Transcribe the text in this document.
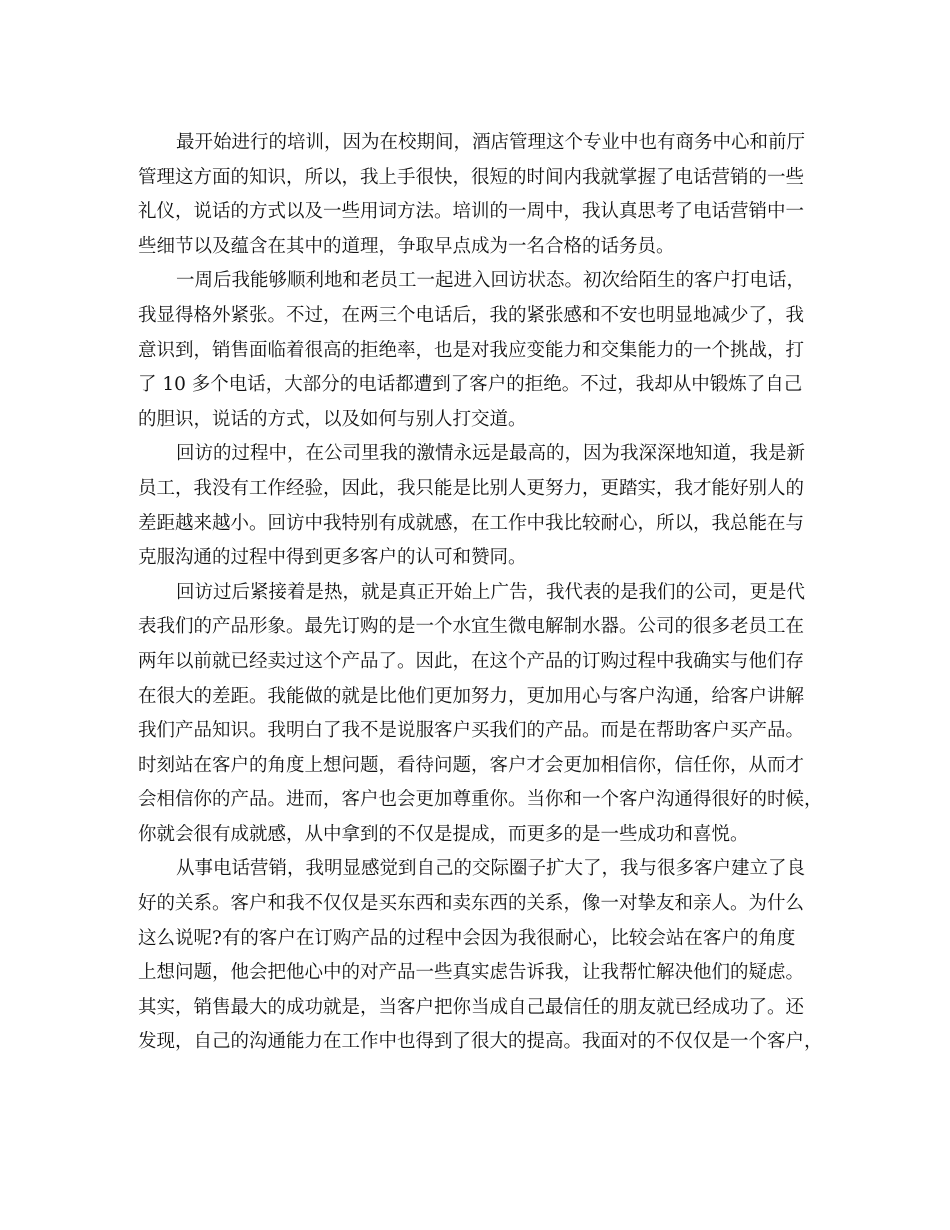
最开始进行的培训，因为在校期间，酒店管理这个专业中也有商务中心和前厅
管理这方面的知识，所以，我上手很快，很短的时间内我就掌握了电话营销的一些
礼仪，说话的方式以及一些用词方法。培训的一周中，我认真思考了电话营销中一
些细节以及蕴含在其中的道理，争取早点成为一名合格的话务员。
一周后我能够顺利地和老员工一起进入回访状态。初次给陌生的客户打电话，
我显得格外紧张。不过，在两三个电话后，我的紧张感和不安也明显地减少了，我
意识到，销售面临着很高的拒绝率，也是对我应变能力和交集能力的一个挑战，打
了 10 多个电话，大部分的电话都遭到了客户的拒绝。不过，我却从中锻炼了自己
的胆识，说话的方式，以及如何与别人打交道。
回访的过程中，在公司里我的激情永远是最高的，因为我深深地知道，我是新
员工，我没有工作经验，因此，我只能是比别人更努力，更踏实，我才能好别人的
差距越来越小。回访中我特别有成就感，在工作中我比较耐心，所以，我总能在与
克服沟通的过程中得到更多客户的认可和赞同。
回访过后紧接着是热，就是真正开始上广告，我代表的是我们的公司，更是代
表我们的产品形象。最先订购的是一个水宜生微电解制水器。公司的很多老员工在
两年以前就已经卖过这个产品了。因此，在这个产品的订购过程中我确实与他们存
在很大的差距。我能做的就是比他们更加努力，更加用心与客户沟通，给客户讲解
我们产品知识。我明白了我不是说服客户买我们的产品。而是在帮助客户买产品。
时刻站在客户的角度上想问题，看待问题，客户才会更加相信你，信任你，从而才
会相信你的产品。进而，客户也会更加尊重你。当你和一个客户沟通得很好的时候，
你就会很有成就感，从中拿到的不仅是提成，而更多的是一些成功和喜悦。
从事电话营销，我明显感觉到自己的交际圈子扩大了，我与很多客户建立了良
好的关系。客户和我不仅仅是买东西和卖东西的关系，像一对挚友和亲人。为什么
这么说呢?有的客户在订购产品的过程中会因为我很耐心，比较会站在客户的角度
上想问题，他会把他心中的对产品一些真实虑告诉我，让我帮忙解决他们的疑虑。
其实，销售最大的成功就是，当客户把你当成自己最信任的朋友就已经成功了。还
发现，自己的沟通能力在工作中也得到了很大的提高。我面对的不仅仅是一个客户，
